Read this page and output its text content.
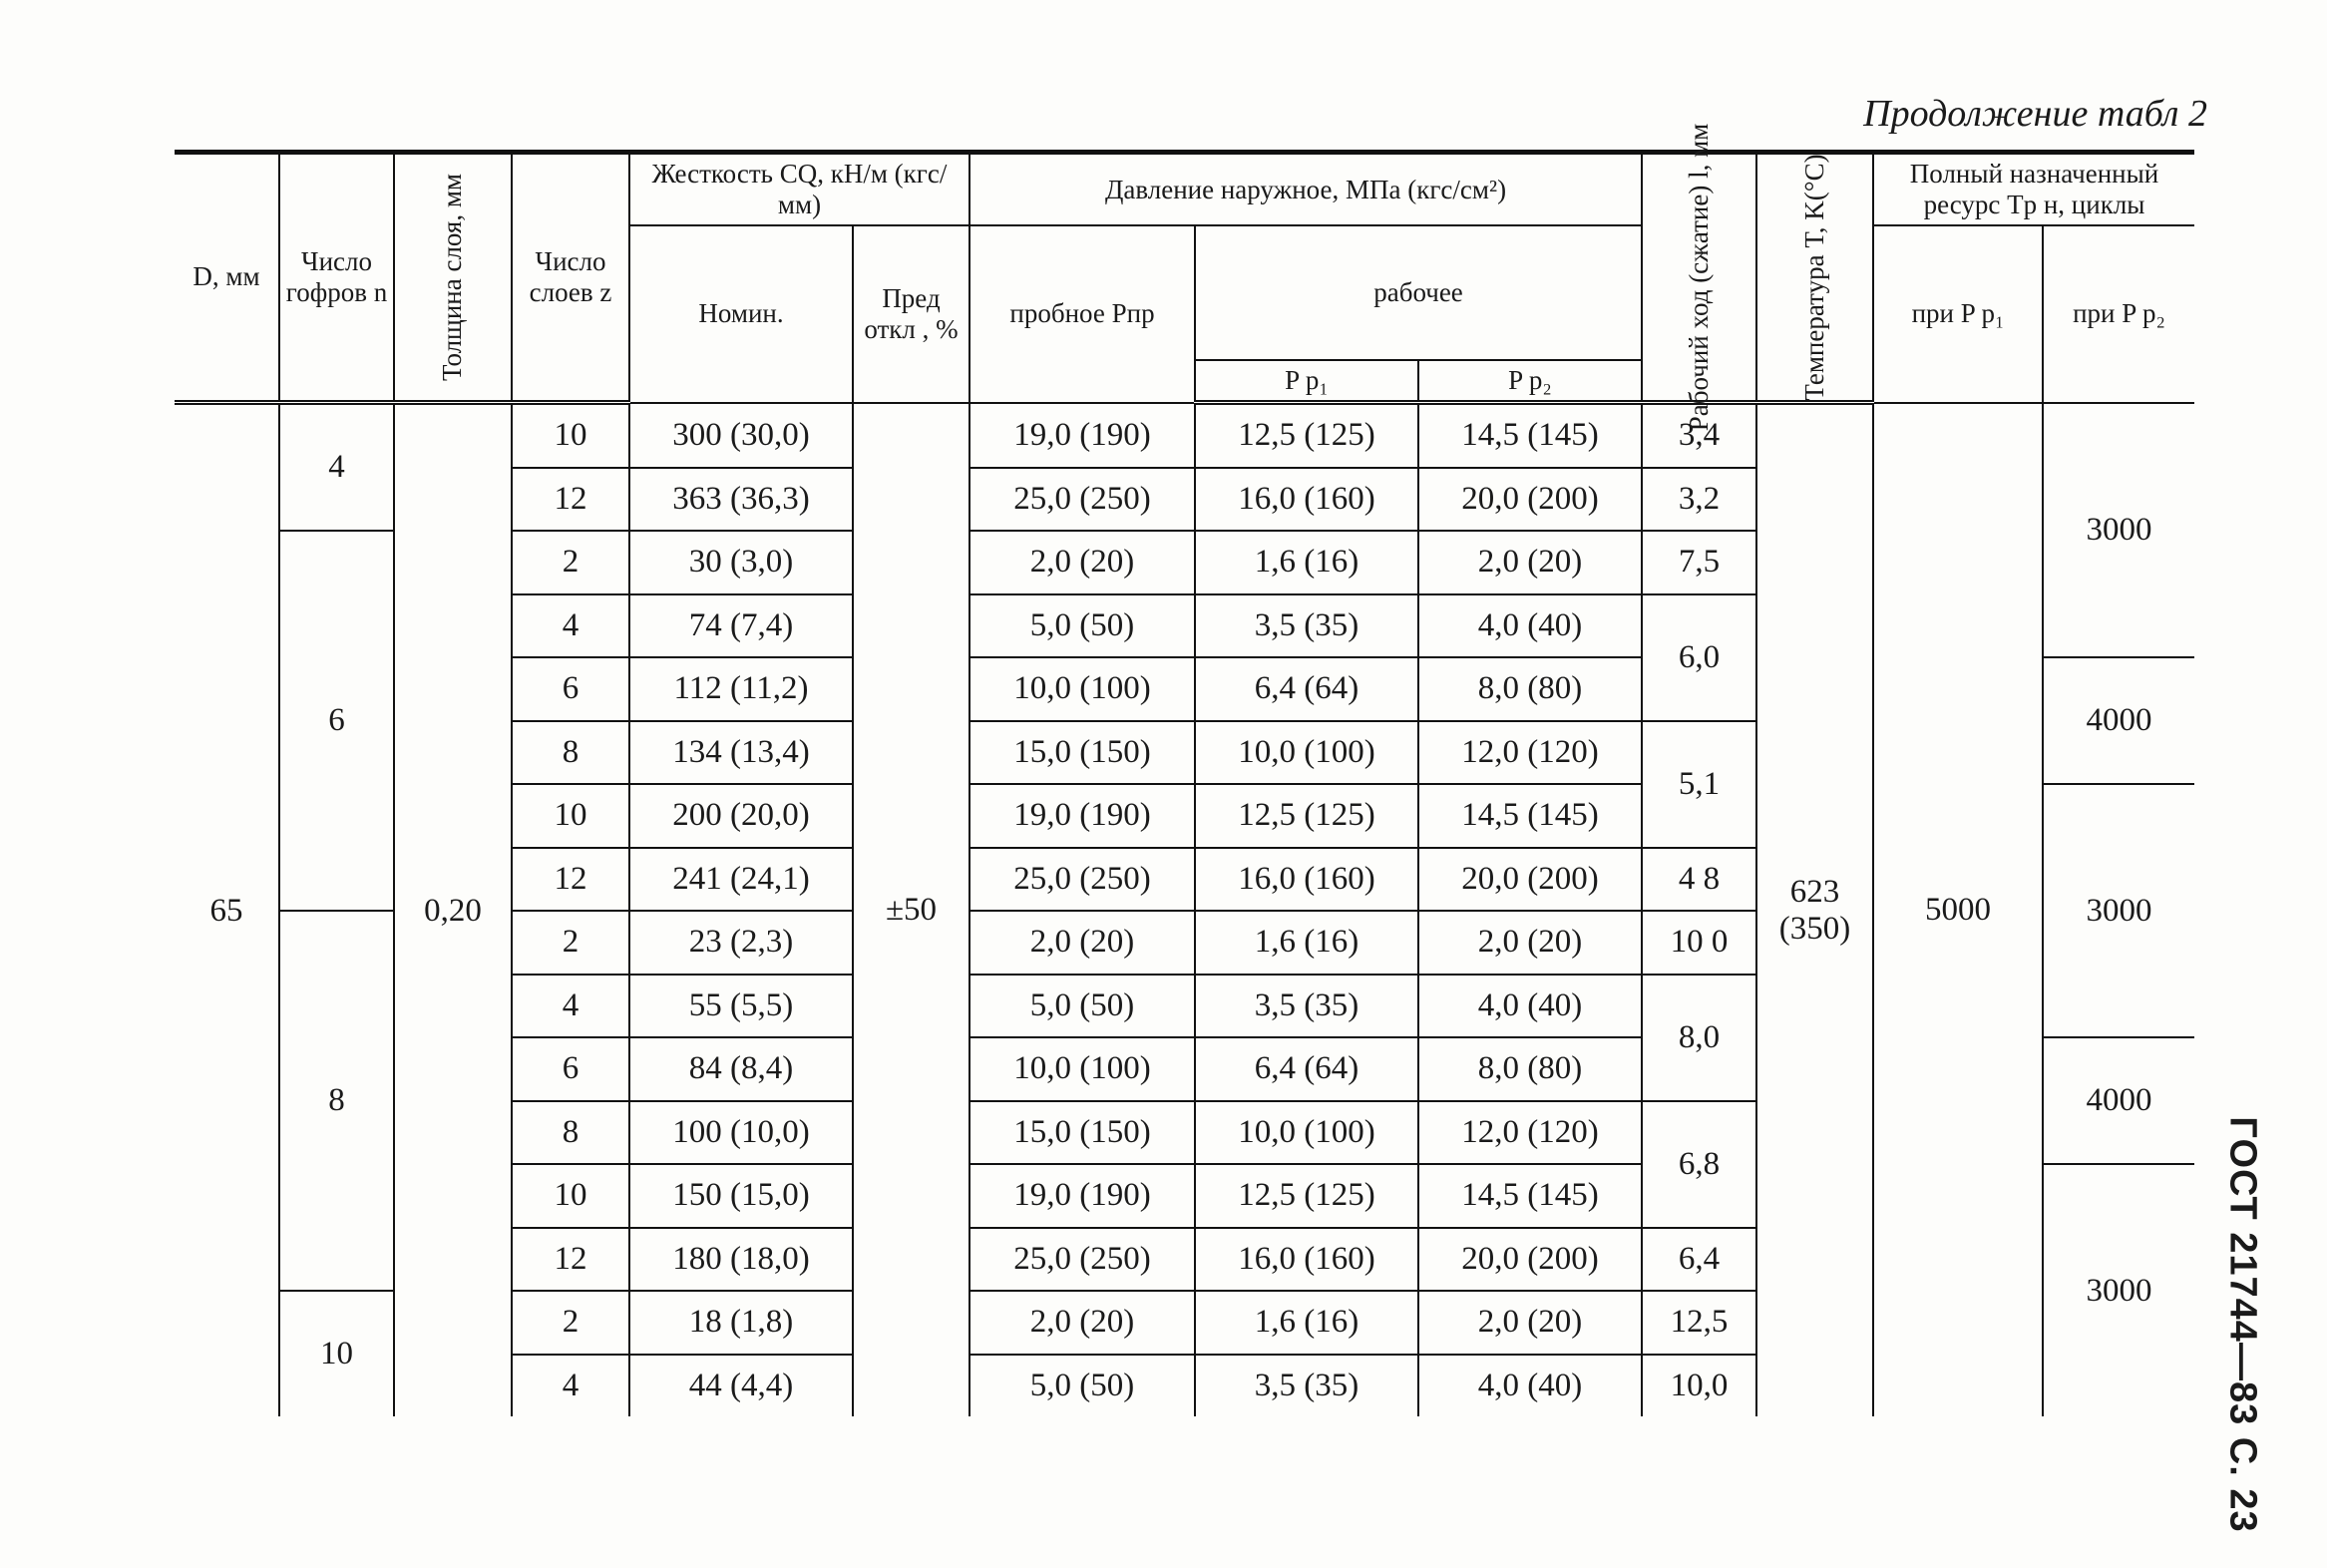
Продолжение табл 2
D, мм	Число гофров n	Толщина слоя, мм	Число слоев z	Жесткость CQ, кН/м (кгс/мм)		Давление наружное, МПа (кгс/см²)			Рабочий ход (сжатие) l, мм	Температура T, K(°C)	Полный назначенный ресурс Tр н, циклы	
				Номин.	Пред откл , %	пробное Pпр	рабочее				при P p₁	при P p₂
							P p₁	P p₂				
65	4	0,20	10	300 (30,0)	±50	19,0 (190)	12,5 (125)	14,5 (145)	3,4	623 (350)	5000	3000
			12	363 (36,3)		25,0 (250)	16,0 (160)	20,0 (200)	3,2			
	6		2	30 (3,0)		2,0 (20)	1,6 (16)	2,0 (20)	7,5			
			4	74 (7,4)		5,0 (50)	3,5 (35)	4,0 (40)	6,0			
			6	112 (11,2)		10,0 (100)	6,4 (64)	8,0 (80)				4000
			8	134 (13,4)		15,0 (150)	10,0 (100)	12,0 (120)	5,1			
			10	200 (20,0)		19,0 (190)	12,5 (125)	14,5 (145)				3000
			12	241 (24,1)		25,0 (250)	16,0 (160)	20,0 (200)	4 8			
	8		2	23 (2,3)		2,0 (20)	1,6 (16)	2,0 (20)	10 0			
			4	55 (5,5)		5,0 (50)	3,5 (35)	4,0 (40)	8,0			
			6	84 (8,4)		10,0 (100)	6,4 (64)	8,0 (80)				4000
			8	100 (10,0)		15,0 (150)	10,0 (100)	12,0 (120)	6,8			
			10	150 (15,0)		19,0 (190)	12,5 (125)	14,5 (145)				3000
			12	180 (18,0)		25,0 (250)	16,0 (160)	20,0 (200)	6,4			
	10		2	18 (1,8)		2,0 (20)	1,6 (16)	2,0 (20)	12,5			
			4	44 (4,4)		5,0 (50)	3,5 (35)	4,0 (40)	10,0				ГОСТ 21744—83 С. 23
